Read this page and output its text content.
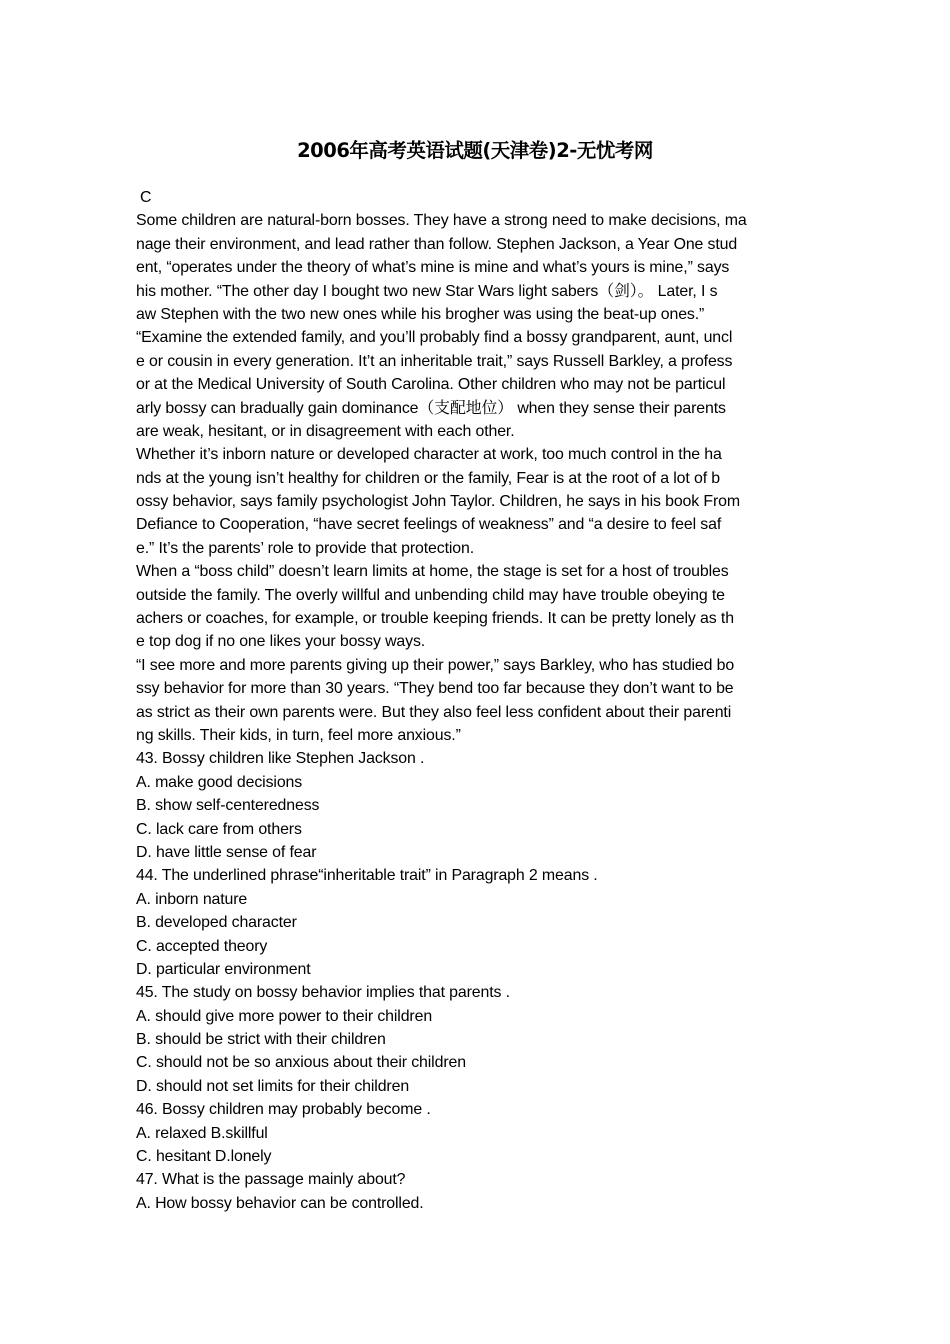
2006年高考英语试题(天津卷)2-无忧考网
C
Some children are natural-born bosses. They have a strong need to make decisions, ma
nage their environment, and lead rather than follow. Stephen Jackson, a Year One stud
ent, “operates under the theory of what’s mine is mine and what’s yours is mine,” says
his mother. “The other day I bought two new Star Wars light sabers（剑）。 Later, I s
aw Stephen with the two new ones while his brogher was using the beat-up ones.”
“Examine the extended family, and you’ll probably find a bossy grandparent, aunt, uncl
e or cousin in every generation. It’t an inheritable trait,” says Russell Barkley, a profess
or at the Medical University of South Carolina. Other children who may not be particul
arly bossy can bradually gain dominance（支配地位） when they sense their parents
are weak, hesitant, or in disagreement with each other.
Whether it’s inborn nature or developed character at work, too much control in the ha
nds at the young isn’t healthy for children or the family, Fear is at the root of a lot of b
ossy behavior, says family psychologist John Taylor. Children, he says in his book From
Defiance to Cooperation, “have secret feelings of weakness” and “a desire to feel saf
e.” It’s the parents’ role to provide that protection.
When a “boss child” doesn’t learn limits at home, the stage is set for a host of troubles
outside the family. The overly willful and unbending child may have trouble obeying te
achers or coaches, for example, or trouble keeping friends. It can be pretty lonely as th
e top dog if no one likes your bossy ways.
“I see more and more parents giving up their power,” says Barkley, who has studied bo
ssy behavior for more than 30 years. “They bend too far because they don’t want to be
as strict as their own parents were. But they also feel less confident about their parenti
ng skills. Their kids, in turn, feel more anxious.”
43. Bossy children like Stephen Jackson .
A. make good decisions
B. show self-centeredness
C. lack care from others
D. have little sense of fear
44. The underlined phrase“inheritable trait” in Paragraph 2 means .
A. inborn nature
B. developed character
C. accepted theory
D. particular environment
45. The study on bossy behavior implies that parents .
A. should give more power to their children
B. should be strict with their children
C. should not be so anxious about their children
D. should not set limits for their children
46. Bossy children may probably become .
A. relaxed B.skillful
C. hesitant D.lonely
47. What is the passage mainly about?
A. How bossy behavior can be controlled.
